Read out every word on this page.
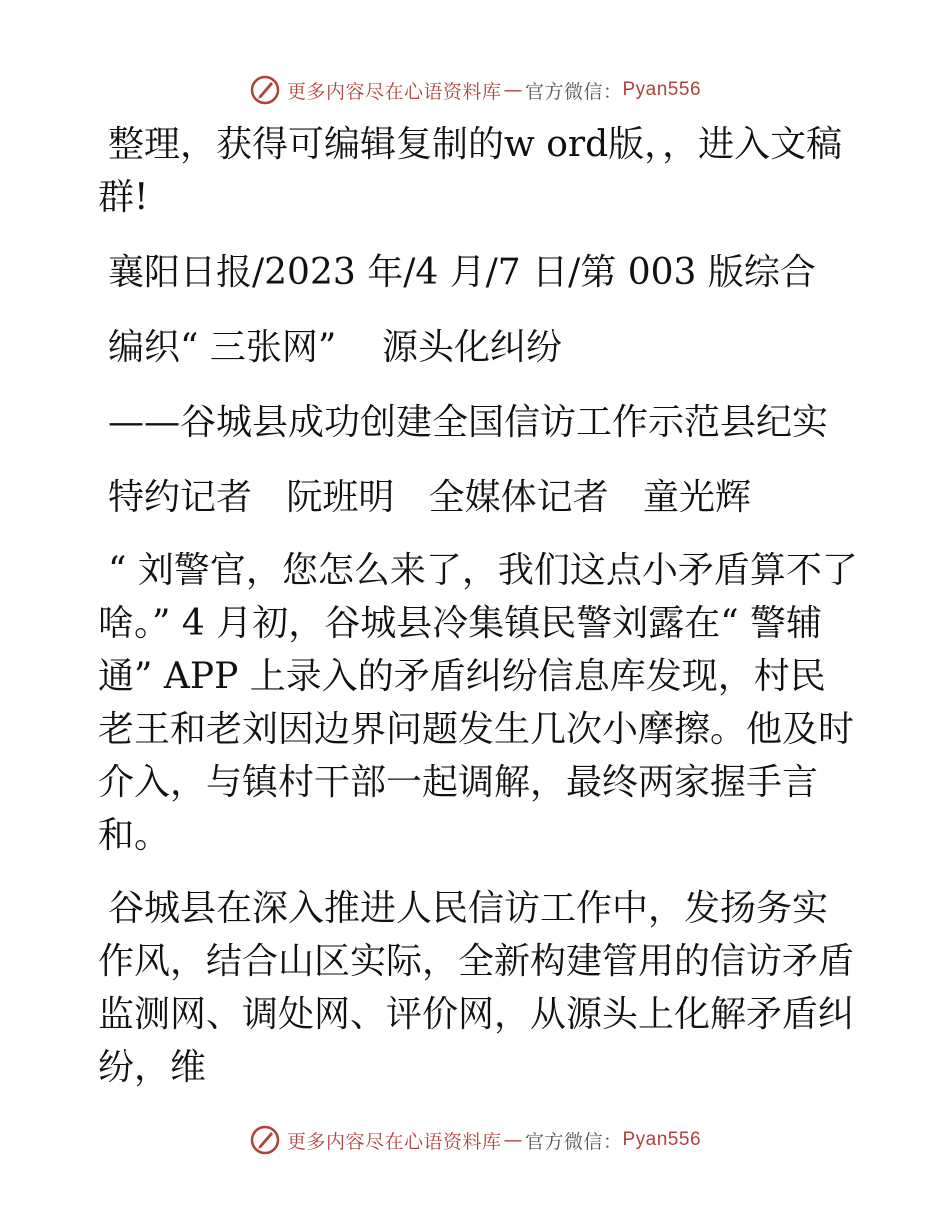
更多内容尽在心语资料库 — 官方微信： Pyan556

整理，获得可编辑复制的w ord版，，进入文稿群!

襄阳日报/2023 年/4 月/7 日/第 003 版综合

编织“ 三张网”    源头化纠纷

——谷城县成功创建全国信访工作示范县纪实

特约记者   阮班明   全媒体记者   童光辉

“ 刘警官，您怎么来了，我们这点小矛盾算不了啥。” 4 月初，谷城县冷集镇民警刘露在“ 警辅通” APP 上录入的矛盾纠纷信息库发现，村民老王和老刘因边界问题发生几次小摩擦。他及时介入，与镇村干部一起调解，最终两家握手言和。

谷城县在深入推进人民信访工作中，发扬务实作风，结合山区实际，全新构建管用的信访矛盾监测网、调处网、评价网，从源头上化解矛盾纠纷，维

更多内容尽在心语资料库 — 官方微信： Pyan556
